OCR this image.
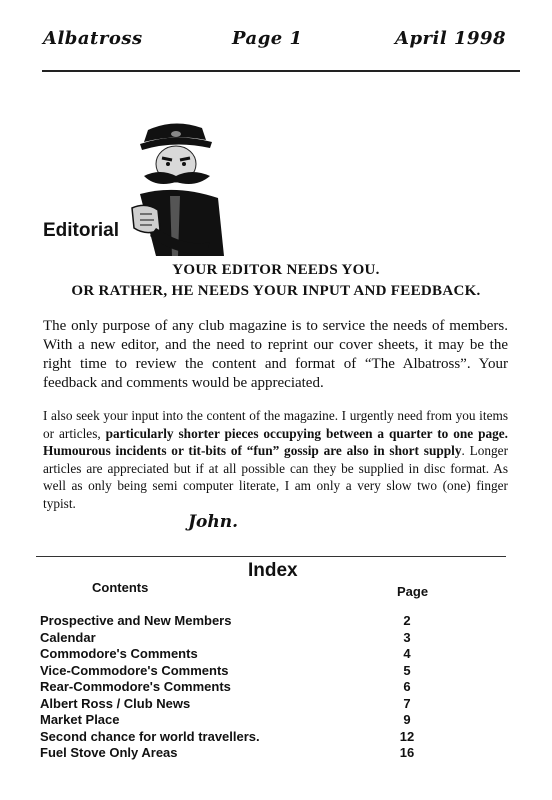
Albatross	Page 1	April 1998
Editorial
YOUR EDITOR NEEDS YOU.
OR RATHER, HE NEEDS YOUR INPUT AND FEEDBACK.
The only purpose of any club magazine is to service the needs of members. With a new editor, and the need to reprint our cover sheets, it may be the right time to review the content and format of “The Albatross”. Your feedback and comments would be appreciated.
I also seek your input into the content of the magazine. I urgently need from you items or articles, particularly shorter pieces occupying between a quarter to one page. Humourous incidents or tit-bits of “fun” gossip are also in short supply. Longer articles are appreciated but if at all possible can they be supplied in disc format. As well as only being semi computer literate, I am only a very slow two (one) finger typist.
John.
Index
Contents	Page
Prospective and New Members	2
Calendar	3
Commodore's Comments	4
Vice-Commodore's Comments	5
Rear-Commodore's Comments	6
Albert Ross / Club News	7
Market Place	9
Second chance for world travellers.	12
Fuel Stove Only Areas	16
